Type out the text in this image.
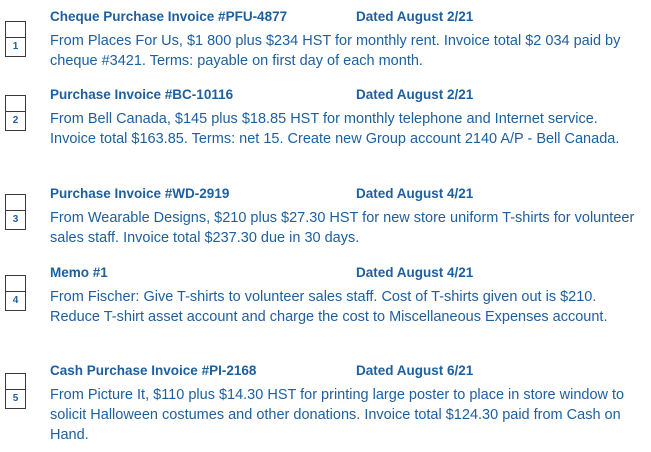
1
Cheque Purchase Invoice #PFU-4877	Dated August 2/21
From Places For Us, $1 800 plus $234 HST for monthly rent. Invoice total $2 034 paid by cheque #3421. Terms: payable on first day of each month.
2
Purchase Invoice #BC-10116	Dated August 2/21
From Bell Canada, $145 plus $18.85 HST for monthly telephone and Internet service. Invoice total $163.85. Terms: net 15. Create new Group account 2140 A/P - Bell Canada.
3
Purchase Invoice #WD-2919	Dated August 4/21
From Wearable Designs, $210 plus $27.30 HST for new store uniform T-shirts for volunteer sales staff. Invoice total $237.30 due in 30 days.
4
Memo #1	Dated August 4/21
From Fischer: Give T-shirts to volunteer sales staff. Cost of T-shirts given out is $210. Reduce T-shirt asset account and charge the cost to Miscellaneous Expenses account.
5
Cash Purchase Invoice #PI-2168	Dated August 6/21
From Picture It, $110 plus $14.30 HST for printing large poster to place in store window to solicit Halloween costumes and other donations. Invoice total $124.30 paid from Cash on Hand.
